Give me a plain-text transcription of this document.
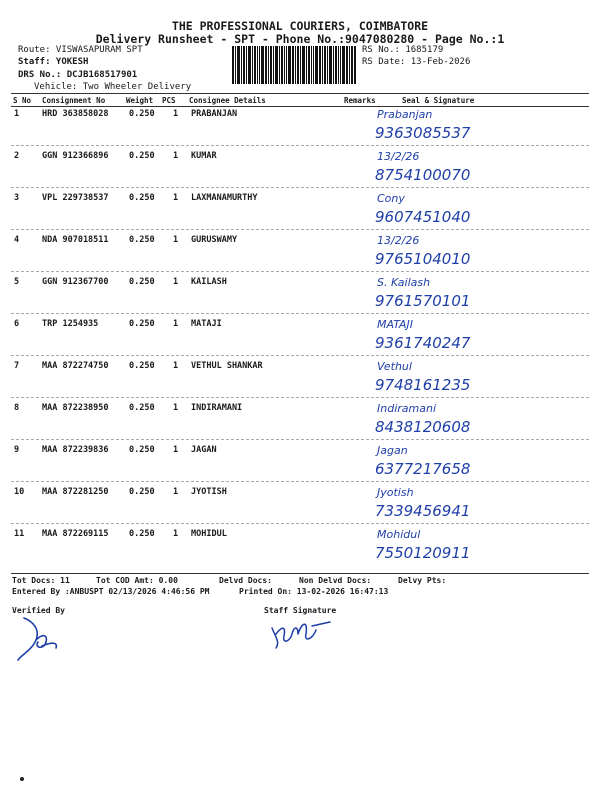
THE PROFESSIONAL COURIERS, COIMBATORE
Delivery Runsheet - SPT - Phone No.:9047080280 - Page No.:1
Route: VISWASAPURAM SPT
Staff: YOKESH
DRS No.: DCJB168517901
Vehicle: Two Wheeler Delivery
RS No.: 1685179
RS Date: 13-Feb-2026
S No Consignment No	Weight PCS Consignee Details	Remarks	Seal & Signature
1	HRD 363858028 0.250 1 PRABANJAN	Prabanjan
9363085537
2	GGN 912366896 0.250 1 KUMAR	13/2/26
8754100070
3	VPL 229738537 0.250 1 LAXMANAMURTHY	Cony
9607451040
4	NDA 907018511 0.250 1 GURUSWAMY	13/2/26
9765104010
5	GGN 912367700 0.250 1 KAILASH	S. Kailash
9761570101
6	TRP 1254935	0.250 1 MATAJI	MATAJI
9361740247
7	MAA 872274750 0.250 1 VETHUL SHANKAR	Vethul
9748161235
8	MAA 872238950 0.250 1 INDIRAMANI	Indiramani
8438120608
9	MAA 872239836 0.250 1 JAGAN	Jagan
6377217658
10 MAA 872281250 0.250 1 JYOTISH	Jyotish
7339456941
11 MAA 872269115 0.250 1 MOHIDUL	Mohidul
7550120911
Tot Docs: 11	Tot COD Amt: 0.00	Delvd Docs:	Non Delvd Docs:	Delvy Pts:
Entered By :ANBUSPT 02/13/2026 4:46:56 PM	Printed On: 13-02-2026 16:47:13
Verified By	Staff Signature
